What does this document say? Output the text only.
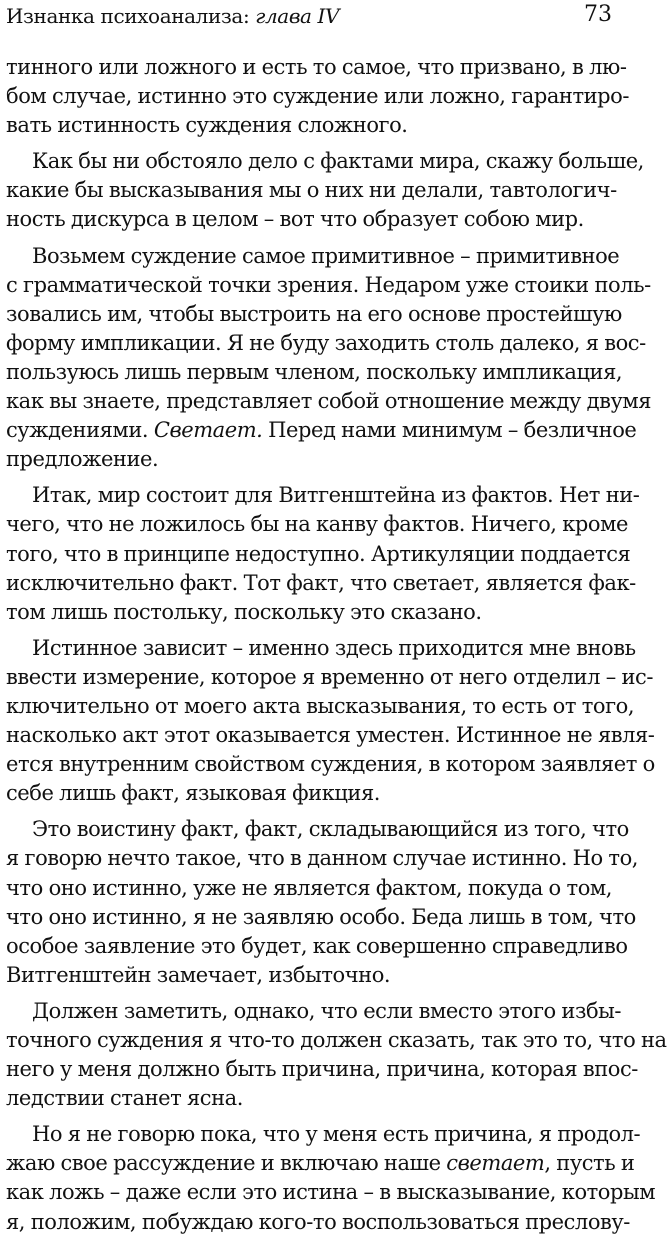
Изнанка психоанализа: глава IV	73
тинного или ложного и есть то самое, что призвано, в лю-
бом случае, истинно это суждение или ложно, гарантиро-
вать истинность суждения сложного.
Как бы ни обстояло дело с фактами мира, скажу больше,
какие бы высказывания мы о них ни делали, тавтологич-
ность дискурса в целом – вот что образует собою мир.
Возьмем суждение самое примитивное – примитивное
с грамматической точки зрения. Недаром уже стоики поль-
зовались им, чтобы выстроить на его основе простейшую
форму импликации. Я не буду заходить столь далеко, я вос-
пользуюсь лишь первым членом, поскольку импликация,
как вы знаете, представляет собой отношение между двумя
суждениями. Светает. Перед нами минимум – безличное
предложение.
Итак, мир состоит для Витгенштейна из фактов. Нет ни-
чего, что не ложилось бы на канву фактов. Ничего, кроме
того, что в принципе недоступно. Артикуляции поддается
исключительно факт. Тот факт, что светает, является фак-
том лишь постольку, поскольку это сказано.
Истинное зависит – именно здесь приходится мне вновь
ввести измерение, которое я временно от него отделил – ис-
ключительно от моего акта высказывания, то есть от того,
насколько акт этот оказывается уместен. Истинное не явля-
ется внутренним свойством суждения, в котором заявляет о
себе лишь факт, языковая фикция.
Это воистину факт, факт, складывающийся из того, что
я говорю нечто такое, что в данном случае истинно. Но то,
что оно истинно, уже не является фактом, покуда о том,
что оно истинно, я не заявляю особо. Беда лишь в том, что
особое заявление это будет, как совершенно справедливо
Витгенштейн замечает, избыточно.
Должен заметить, однако, что если вместо этого избы-
точного суждения я что-то должен сказать, так это то, что на
него у меня должно быть причина, причина, которая впос-
ледствии станет ясна.
Но я не говорю пока, что у меня есть причина, я продол-
жаю свое рассуждение и включаю наше светает, пусть и
как ложь – даже если это истина – в высказывание, которым
я, положим, побуждаю кого-то воспользоваться преслову-
